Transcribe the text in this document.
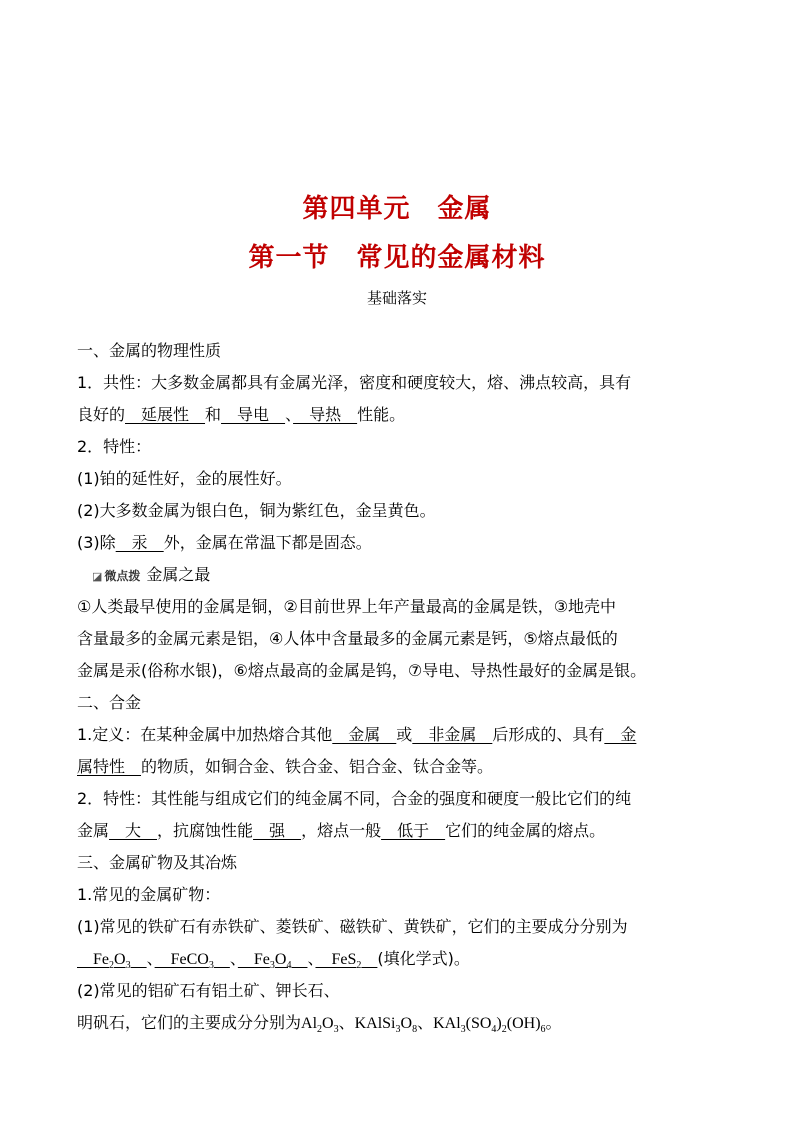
第四单元　金属
第一节　常见的金属材料
基础落实
一、金属的物理性质
1．共性：大多数金属都具有金属光泽，密度和硬度较大，熔、沸点较高，具有
良好的　延展性　和　导电　、　导热　性能。
2．特性：
(1)铂的延性好，金的展性好。
(2)大多数金属为银白色，铜为紫红色，金呈黄色。
(3)除　汞　外，金属在常温下都是固态。
◪ 微点拨 金属之最
①人类最早使用的金属是铜，②目前世界上年产量最高的金属是铁，③地壳中
含量最多的金属元素是铝，④人体中含量最多的金属元素是钙，⑤熔点最低的
金属是汞(俗称水银)，⑥熔点最高的金属是钨，⑦导电、导热性最好的金属是银。
二、合金
1.定义：在某种金属中加热熔合其他　金属　或　非金属　后形成的、具有　金
属特性　的物质，如铜合金、铁合金、铝合金、钛合金等。
2．特性：其性能与组成它们的纯金属不同，合金的强度和硬度一般比它们的纯
金属　大　，抗腐蚀性能　强　，熔点一般　低于　它们的纯金属的熔点。
三、金属矿物及其冶炼
1.常见的金属矿物：
(1)常见的铁矿石有赤铁矿、菱铁矿、磁铁矿、黄铁矿，它们的主要成分分别为
　$Fe_2O_3$　 、　FeCO$_3$　 、　$Fe_3O_4$　 、　FeS$_2$　 (填化学式)。
(2)常见的铝矿石有铝土矿、钾长石、
明矾石，它们的主要成分分别为$Al_2O_3$、$KAlSi_3O_8$、$KAl_3(SO_4)_2(OH)_6$。
